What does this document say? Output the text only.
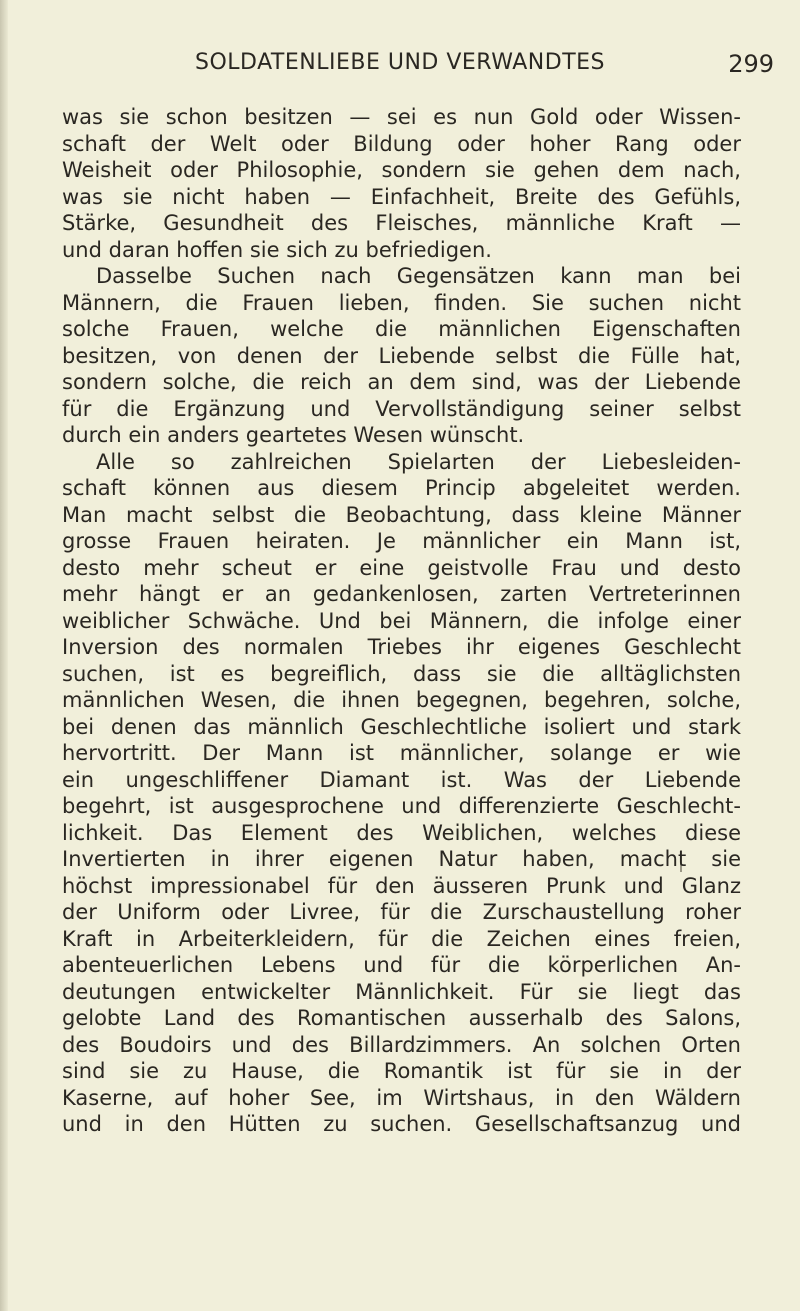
SOLDATENLIEBE UND VERWANDTES	299
was sie schon besitzen — sei es nun Gold oder Wissen-
schaft der Welt oder Bildung oder hoher Rang oder
Weisheit oder Philosophie, sondern sie gehen dem nach,
was sie nicht haben — Einfachheit, Breite des Gefühls,
Stärke, Gesundheit des Fleisches, männliche Kraft —
und daran hoffen sie sich zu befriedigen.
Dasselbe Suchen nach Gegensätzen kann man bei
Männern, die Frauen lieben, finden. Sie suchen nicht
solche Frauen, welche die männlichen Eigenschaften
besitzen, von denen der Liebende selbst die Fülle hat,
sondern solche, die reich an dem sind, was der Liebende
für die Ergänzung und Vervollständigung seiner selbst
durch ein anders geartetes Wesen wünscht.
Alle so zahlreichen Spielarten der Liebesleiden-
schaft können aus diesem Princip abgeleitet werden.
Man macht selbst die Beobachtung, dass kleine Männer
grosse Frauen heiraten. Je männlicher ein Mann ist,
desto mehr scheut er eine geistvolle Frau und desto
mehr hängt er an gedankenlosen, zarten Vertreterinnen
weiblicher Schwäche. Und bei Männern, die infolge einer
Inversion des normalen Triebes ihr eigenes Geschlecht
suchen, ist es begreiflich, dass sie die alltäglichsten
männlichen Wesen, die ihnen begegnen, begehren, solche,
bei denen das männlich Geschlechtliche isoliert und stark
hervortritt. Der Mann ist männlicher, solange er wie
ein ungeschliffener Diamant ist. Was der Liebende
begehrt, ist ausgesprochene und differenzierte Geschlecht-
lichkeit. Das Element des Weiblichen, welches diese
Invertierten in ihrer eigenen Natur haben, macht sie
höchst impressionabel für den äusseren Prunk und Glanz
der Uniform oder Livree, für die Zurschaustellung roher
Kraft in Arbeiterkleidern, für die Zeichen eines freien,
abenteuerlichen Lebens und für die körperlichen An-
deutungen entwickelter Männlichkeit. Für sie liegt das
gelobte Land des Romantischen ausserhalb des Salons,
des Boudoirs und des Billardzimmers. An solchen Orten
sind sie zu Hause, die Romantik ist für sie in der
Kaserne, auf hoher See, im Wirtshaus, in den Wäldern
und in den Hütten zu suchen. Gesellschaftsanzug und
